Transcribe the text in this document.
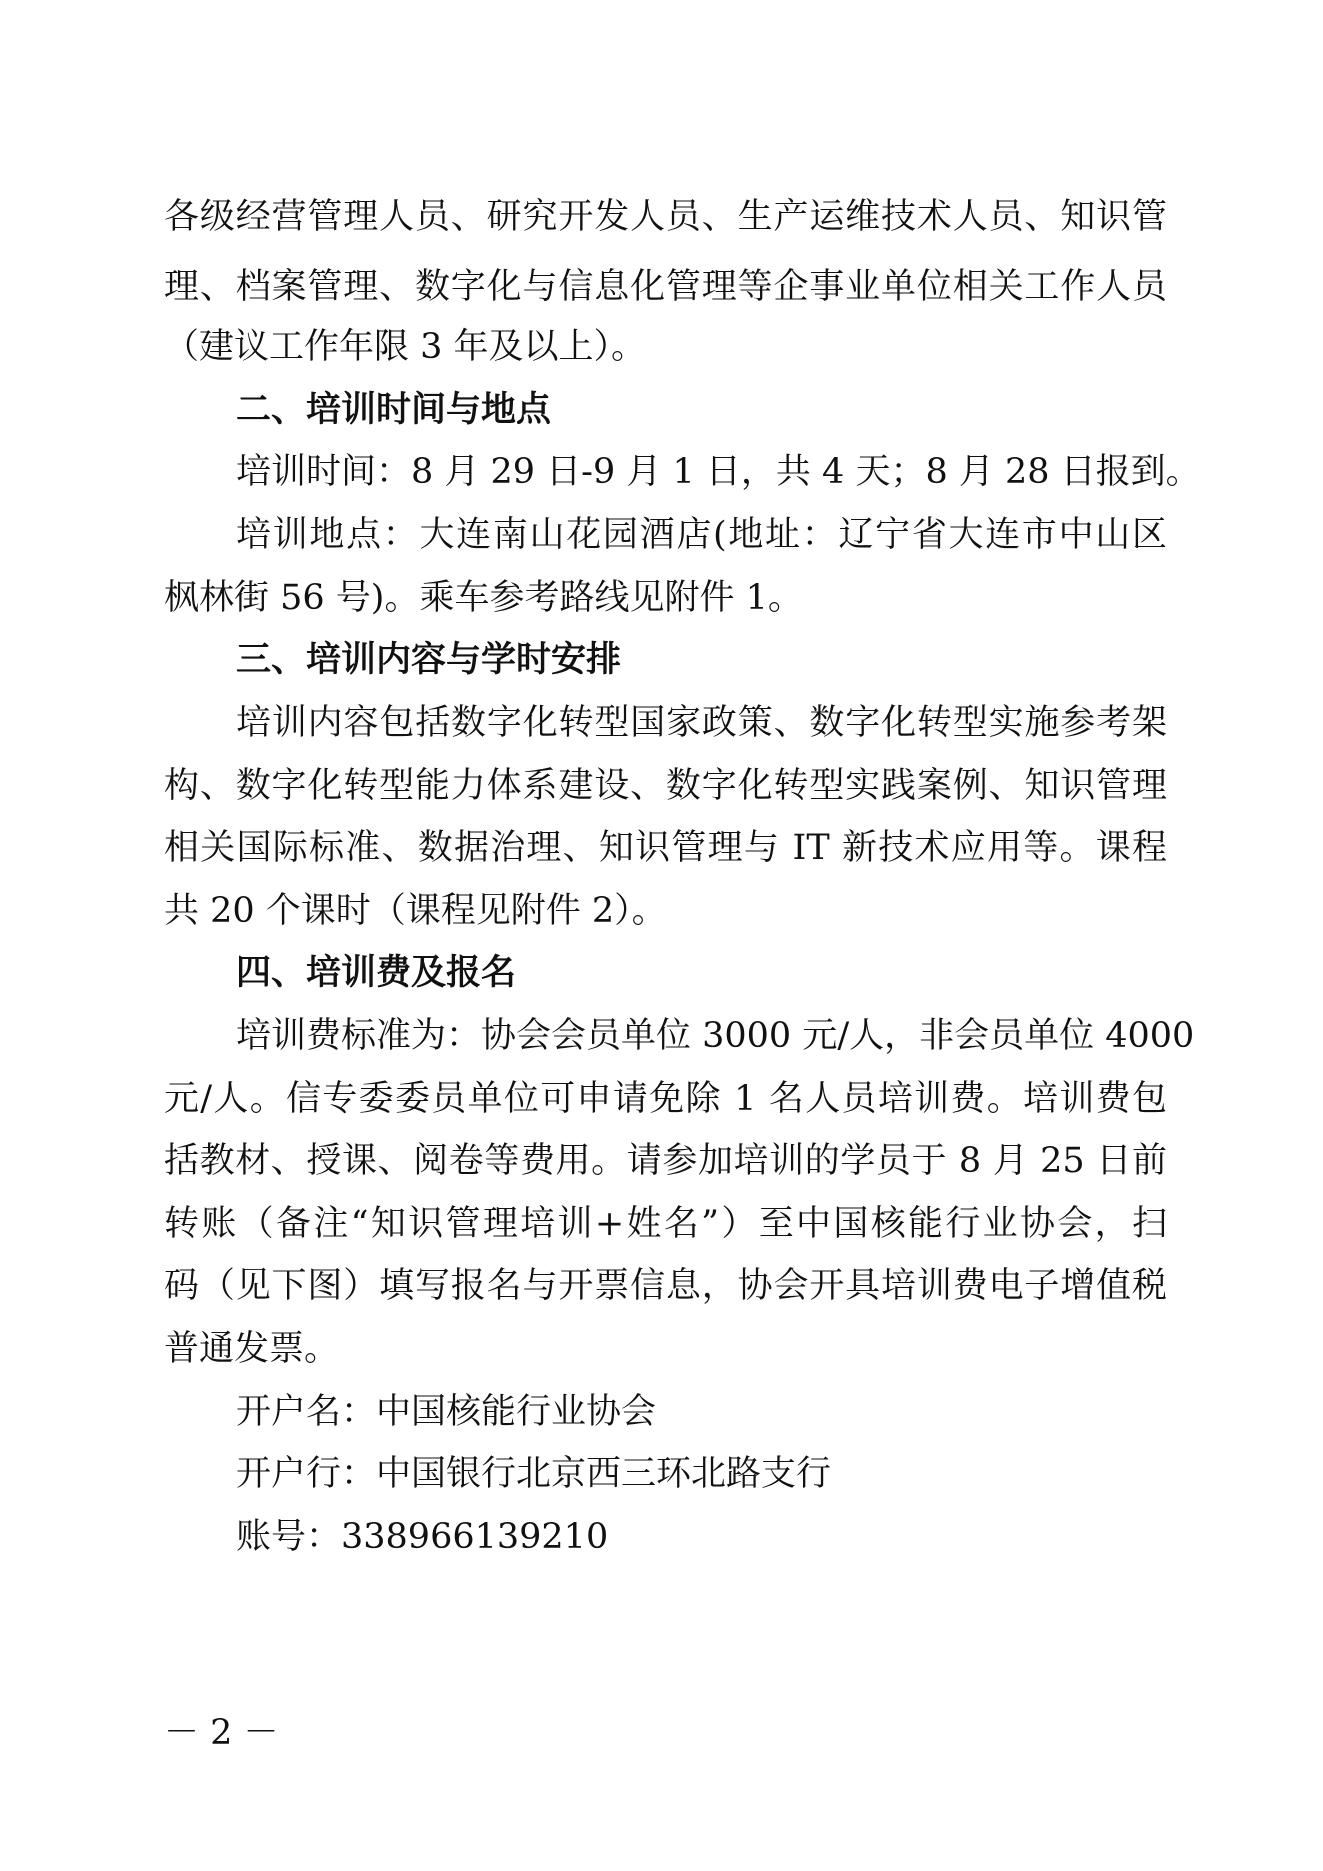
各级经营管理人员、研究开发人员、生产运维技术人员、知识管

理、档案管理、数字化与信息化管理等企事业单位相关工作人员

（建议工作年限 3 年及以上）。

二、培训时间与地点

培训时间：8 月 29 日-9 月 1 日，共 4 天；8 月 28 日报到。

培训地点：大连南山花园酒店(地址：辽宁省大连市中山区

枫林街 56 号)。乘车参考路线见附件 1。

三、培训内容与学时安排

培训内容包括数字化转型国家政策、数字化转型实施参考架

构、数字化转型能力体系建设、数字化转型实践案例、知识管理

相关国际标准、数据治理、知识管理与 IT 新技术应用等。课程

共 20 个课时（课程见附件 2）。

四、培训费及报名

培训费标准为：协会会员单位 3000 元/人，非会员单位 4000

元/人。信专委委员单位可申请免除 1 名人员培训费。培训费包

括教材、授课、阅卷等费用。请参加培训的学员于 8 月 25 日前

转账（备注“知识管理培训+姓名”）至中国核能行业协会，扫

码（见下图）填写报名与开票信息，协会开具培训费电子增值税

普通发票。

开户名：中国核能行业协会

开户行：中国银行北京西三环北路支行

账号：338966139210

－ 2 －
